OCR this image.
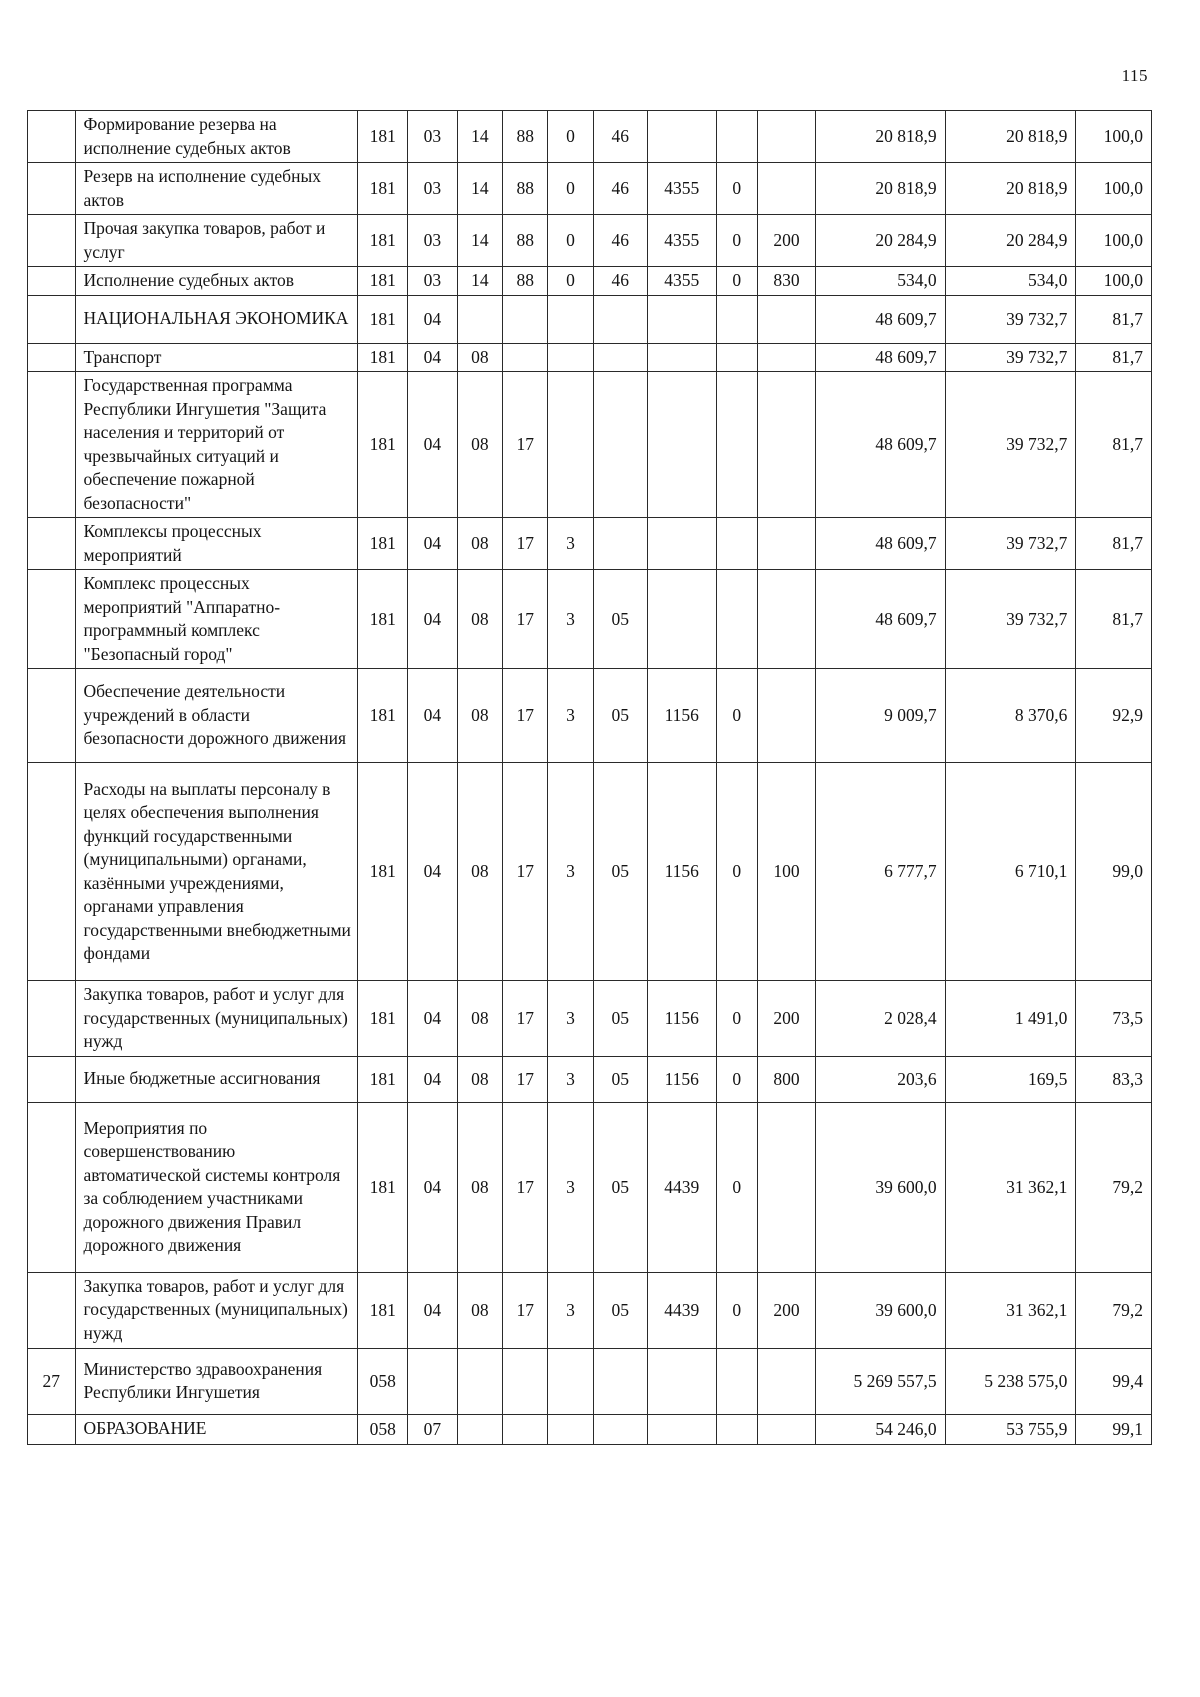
115
	Формирование резерва на исполнение судебных актов	181	03	14	88	0	46				20 818,9	20 818,9	100,0
	Резерв на исполнение судебных актов	181	03	14	88	0	46	4355	0		20 818,9	20 818,9	100,0
	Прочая закупка товаров, работ и услуг	181	03	14	88	0	46	4355	0	200	20 284,9	20 284,9	100,0
	Исполнение судебных актов	181	03	14	88	0	46	4355	0	830	534,0	534,0	100,0
	НАЦИОНАЛЬНАЯ ЭКОНОМИКА	181	04								48 609,7	39 732,7	81,7
	Транспорт	181	04	08							48 609,7	39 732,7	81,7
	Государственная программа Республики Ингушетия "Защита населения и территорий от чрезвычайных ситуаций и обеспечение пожарной безопасности"	181	04	08	17						48 609,7	39 732,7	81,7
	Комплексы процессных мероприятий	181	04	08	17	3					48 609,7	39 732,7	81,7
	Комплекс процессных мероприятий "Аппаратно-программный комплекс "Безопасный город"	181	04	08	17	3	05				48 609,7	39 732,7	81,7
	Обеспечение деятельности учреждений в области безопасности дорожного движения	181	04	08	17	3	05	1156	0		9 009,7	8 370,6	92,9
	Расходы на выплаты персоналу в целях обеспечения выполнения функций государственными (муниципальными) органами, казёнными учреждениями, органами управления государственными внебюджетными фондами	181	04	08	17	3	05	1156	0	100	6 777,7	6 710,1	99,0
	Закупка товаров, работ и услуг для государственных (муниципальных) нужд	181	04	08	17	3	05	1156	0	200	2 028,4	1 491,0	73,5
	Иные бюджетные ассигнования	181	04	08	17	3	05	1156	0	800	203,6	169,5	83,3
	Мероприятия по совершенствованию автоматической системы контроля за соблюдением участниками дорожного движения Правил дорожного движения	181	04	08	17	3	05	4439	0		39 600,0	31 362,1	79,2
	Закупка товаров, работ и услуг для государственных (муниципальных) нужд	181	04	08	17	3	05	4439	0	200	39 600,0	31 362,1	79,2
27	Министерство здравоохранения Республики Ингушетия	058									5 269 557,5	5 238 575,0	99,4
	ОБРАЗОВАНИЕ	058	07								54 246,0	53 755,9	99,1
